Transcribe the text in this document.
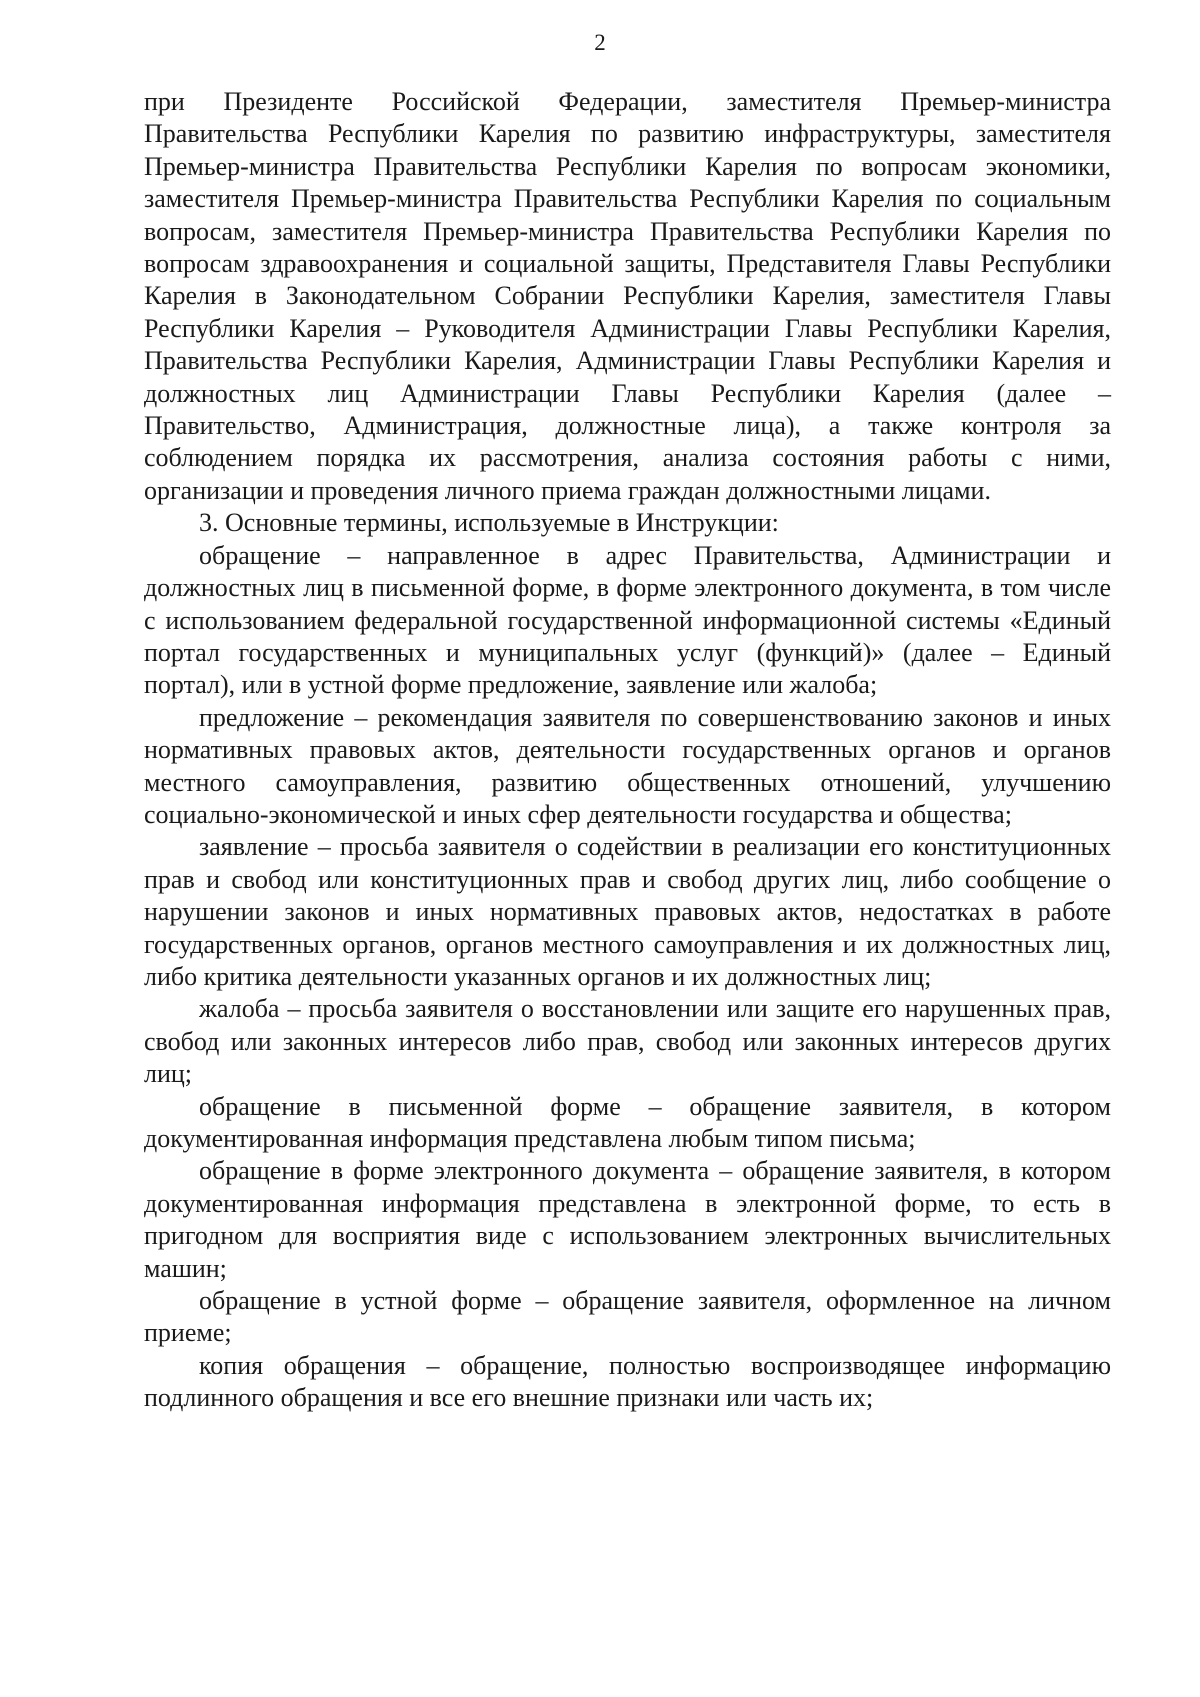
2

при Президенте Российской Федерации, заместителя Премьер-министра Правительства Республики Карелия по развитию инфраструктуры, заместителя Премьер-министра Правительства Республики Карелия по вопросам экономики, заместителя Премьер-министра Правительства Республики Карелия по социальным вопросам, заместителя Премьер-министра Правительства Республики Карелия по вопросам здравоохранения и социальной защиты, Представителя Главы Республики Карелия в Законодательном Собрании Республики Карелия, заместителя Главы Республики Карелия – Руководителя Администрации Главы Республики Карелия, Правительства Республики Карелия, Администрации Главы Республики Карелия и должностных лиц Администрации Главы Республики Карелия (далее – Правительство, Администрация, должностные лица), а также контроля за соблюдением порядка их рассмотрения, анализа состояния работы с ними, организации и проведения личного приема граждан должностными лицами.

3. Основные термины, используемые в Инструкции:

обращение – направленное в адрес Правительства, Администрации и должностных лиц в письменной форме, в форме электронного документа, в том числе с использованием федеральной государственной информационной системы «Единый портал государственных и муниципальных услуг (функций)» (далее – Единый портал), или в устной форме предложение, заявление или жалоба;

предложение – рекомендация заявителя по совершенствованию законов и иных нормативных правовых актов, деятельности государственных органов и органов местного самоуправления, развитию общественных отношений, улучшению социально-экономической и иных сфер деятельности государства и общества;

заявление – просьба заявителя о содействии в реализации его конституционных прав и свобод или конституционных прав и свобод других лиц, либо сообщение о нарушении законов и иных нормативных правовых актов, недостатках в работе государственных органов, органов местного самоуправления и их должностных лиц, либо критика деятельности указанных органов и их должностных лиц;

жалоба – просьба заявителя о восстановлении или защите его нарушенных прав, свобод или законных интересов либо прав, свобод или законных интересов других лиц;

обращение в письменной форме – обращение заявителя, в котором документированная информация представлена любым типом письма;

обращение в форме электронного документа – обращение заявителя, в котором документированная информация представлена в электронной форме, то есть в пригодном для восприятия виде с использованием электронных вычислительных машин;

обращение в устной форме – обращение заявителя, оформленное на личном приеме;

копия обращения – обращение, полностью воспроизводящее информацию подлинного обращения и все его внешние признаки или часть их;
